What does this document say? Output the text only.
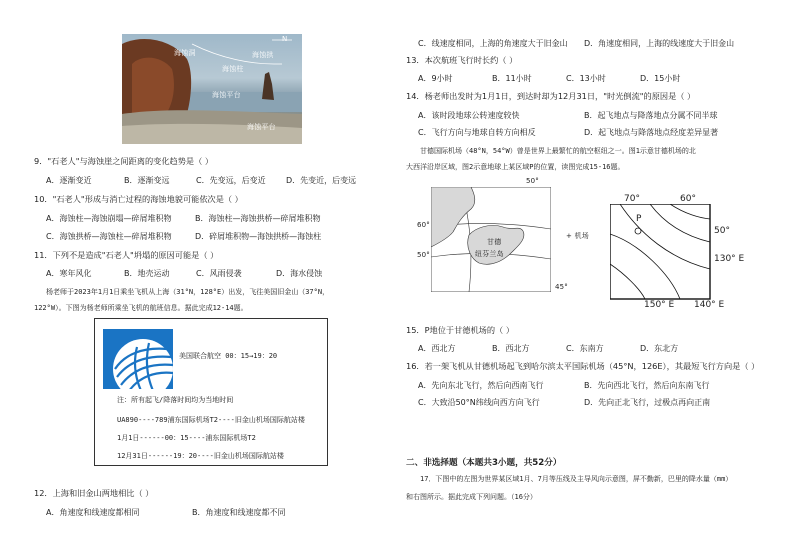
海蚀洞	海蚀拱
海蚀柱
海蚀平台
海蚀平台
N
9．"石老人"与海蚀崖之间距离的变化趋势是（ ）
A．逐渐变近	B．逐渐变远	C．先变远，后变近	D．先变近，后变远
10．"石老人"形成与消亡过程的海蚀地貌可能依次是（ ）
A．海蚀柱—海蚀崩塌—碎屑堆积物	B．海蚀柱—海蚀拱桥—碎屑堆积物
C．海蚀拱桥—海蚀柱—碎屑堆积物	D．碎屑堆积物—海蚀拱桥—海蚀柱
11．下列不是造成"石老人"坍塌的原因可能是（ ）
A．寒年风化	B．地壳运动	C．风雨侵袭	D．海水侵蚀
杨老师于2023年1月1日乘坐飞机从上海（31°N，128°E）出发，飞往美国旧金山（37°N，
122°W）。下图为杨老师所乘坐飞机的航班信息。据此完成12-14题。
美国联合航空 00：15→19：20
注：所有起飞/降落时间均为当地时间
UA890----789浦东国际机场T2----旧金山机场国际航站楼
1月1日------00：15----浦东国际机场T2
12月31日------19：20----旧金山机场国际航站楼
12．上海和旧金山两地相比（ ）
A．角速度和线速度都相同	B．角速度和线速度都不同
C．线速度相同，上海的角速度大于旧金山 D．角速度相同，上海的线速度大于旧金山
13．本次航班飞行时长约（ ）
A．9小时	B．11小时	C．13小时	D．15小时
14．杨老师出发时为1月1日，到达时却为12月31日，"时光倒流"的原因是（ ）
A．该时段地球公转速度较快	B．起飞地点与降落地点分属不同半球
C．飞行方向与地球自转方向相反	D．起飞地点与降落地点经度差异显著
甘德国际机场（48°N，54°W）曾是世界上最繁忙的航空枢纽之一。图1示意甘德机场的北
大西洋沿岸区域，图2示意地球上某区域P的位置，读图完成15-16题。
50°
60°
50°
45°
甘德
纽芬兰岛
+ 机场
70°	60°
P
50°
130° E
150° E 140° E
15．P地位于甘德机场的（ ）
A．西北方	B．西北方	C．东南方	D．东北方
16．若一架飞机从甘德机场起飞到哈尔滨太平国际机场（45°N，126E），其最短飞行方向是（ ）
A．先向东北飞行，然后向西南飞行	B．先向西北飞行，然后向东南飞行
C．大致沿50°N纬线向西方向飞行	D．先向正北飞行，过极点再向正南
二、非选择题（本题共3小题，共52分）
17．下图中的左图为世界某区域1月、7月等压线及主导风向示意图，屏不勤新，巴里的降水量（mm）
和右图所示。据此完成下列问题。（16分）
